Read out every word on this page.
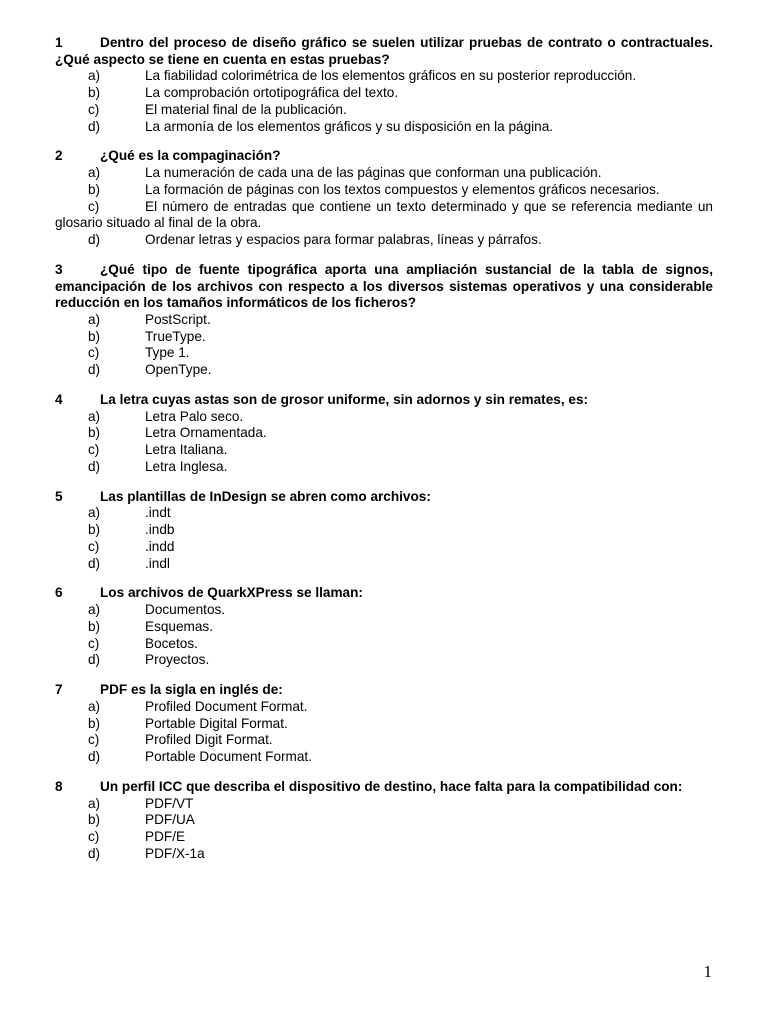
1	Dentro del proceso de diseño gráfico se suelen utilizar pruebas de contrato o contractuales. ¿Qué aspecto se tiene en cuenta en estas pruebas?
a)	La fiabilidad colorimétrica de los elementos gráficos en su posterior reproducción.
b)	La comprobación ortotipográfica del texto.
c)	El material final de la publicación.
d)	La armonía de los elementos gráficos y su disposición en la página.
2	¿Qué es la compaginación?
a)	La numeración de cada una de las páginas que conforman una publicación.
b)	La formación de páginas con los textos compuestos y elementos gráficos necesarios.
c)	El número de entradas que contiene un texto determinado y que se referencia mediante un glosario situado al final de la obra.
d)	Ordenar letras y espacios para formar palabras, líneas y párrafos.
3	¿Qué tipo de fuente tipográfica aporta una ampliación sustancial de la tabla de signos, emancipación de los archivos con respecto a los diversos sistemas operativos y una considerable reducción en los tamaños informáticos de los ficheros?
a)	PostScript.
b)	TrueType.
c)	Type 1.
d)	OpenType.
4	La letra cuyas astas son de grosor uniforme, sin adornos y sin remates, es:
a)	Letra Palo seco.
b)	Letra Ornamentada.
c)	Letra Italiana.
d)	Letra Inglesa.
5	Las plantillas de InDesign se abren como archivos:
a)	.indt
b)	.indb
c)	.indd
d)	.indl
6	Los archivos de QuarkXPress se llaman:
a)	Documentos.
b)	Esquemas.
c)	Bocetos.
d)	Proyectos.
7	PDF es la sigla en inglés de:
a)	Profiled Document Format.
b)	Portable Digital Format.
c)	Profiled Digit Format.
d)	Portable Document Format.
8	Un perfil ICC que describa el dispositivo de destino, hace falta para la compatibilidad con:
a)	PDF/VT
b)	PDF/UA
c)	PDF/E
d)	PDF/X-1a
1
